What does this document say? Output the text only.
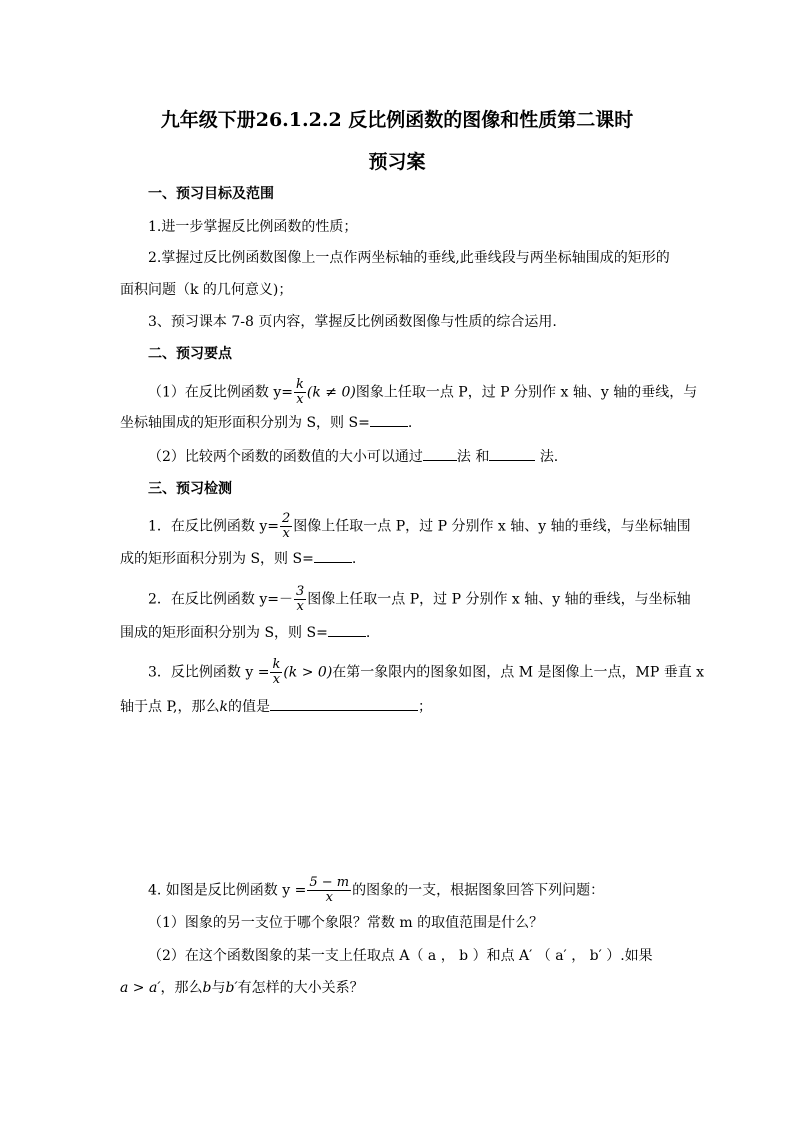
九年级下册26.1.2.2 反比例函数的图像和性质第二课时
预习案
一、预习目标及范围
1.进一步掌握反比例函数的性质；
2.掌握过反比例函数图像上一点作两坐标轴的垂线,此垂线段与两坐标轴围成的矩形的
面积问题（k 的几何意义)；
3、预习课本 7-8 页内容，掌握反比例函数图像与性质的综合运用.
二、预习要点
（1）在反比例函数 $y= \frac{k}{x} (k \ne 0)$图象上任取一点 P，过 P 分别作 x 轴、y 轴的垂线，与
坐标轴围成的矩形面积分别为 S，则 S=	.
（2）比较两个函数的函数值的大小可以通过 法 和	法.
三、预习检测
1．在反比例函数 $y= \frac{2}{x}$ 图像上任取一点 P，过 P 分别作 x 轴、y 轴的垂线，与坐标轴围
成的矩形面积分别为 S，则 S=	.
2．在反比例函数 $y=- \frac{3}{x}$ 图像上任取一点 P，过 P 分别作 x 轴、y 轴的垂线，与坐标轴
围成的矩形面积分别为 S，则 S=	.
3．反比例函数 $y = \frac{k}{x} (k > 0)$在第一象限内的图象如图，点 M 是图像上一点，MP 垂直 x
轴于点 P,，那么k的值是	；
4. 如图是反比例函数 $y = \frac{5 - m}{x}$ 的图象的一支，根据图象回答下列问题：
（1）图象的另一支位于哪个象限？常数 m 的取值范围是什么？
（2）在这个函数图象的某一支上任取点 A（ a ， b ）和点 A′ （ a′ ， b′ ）.如果
a > a′，那么b与b′有怎样的大小关系？
